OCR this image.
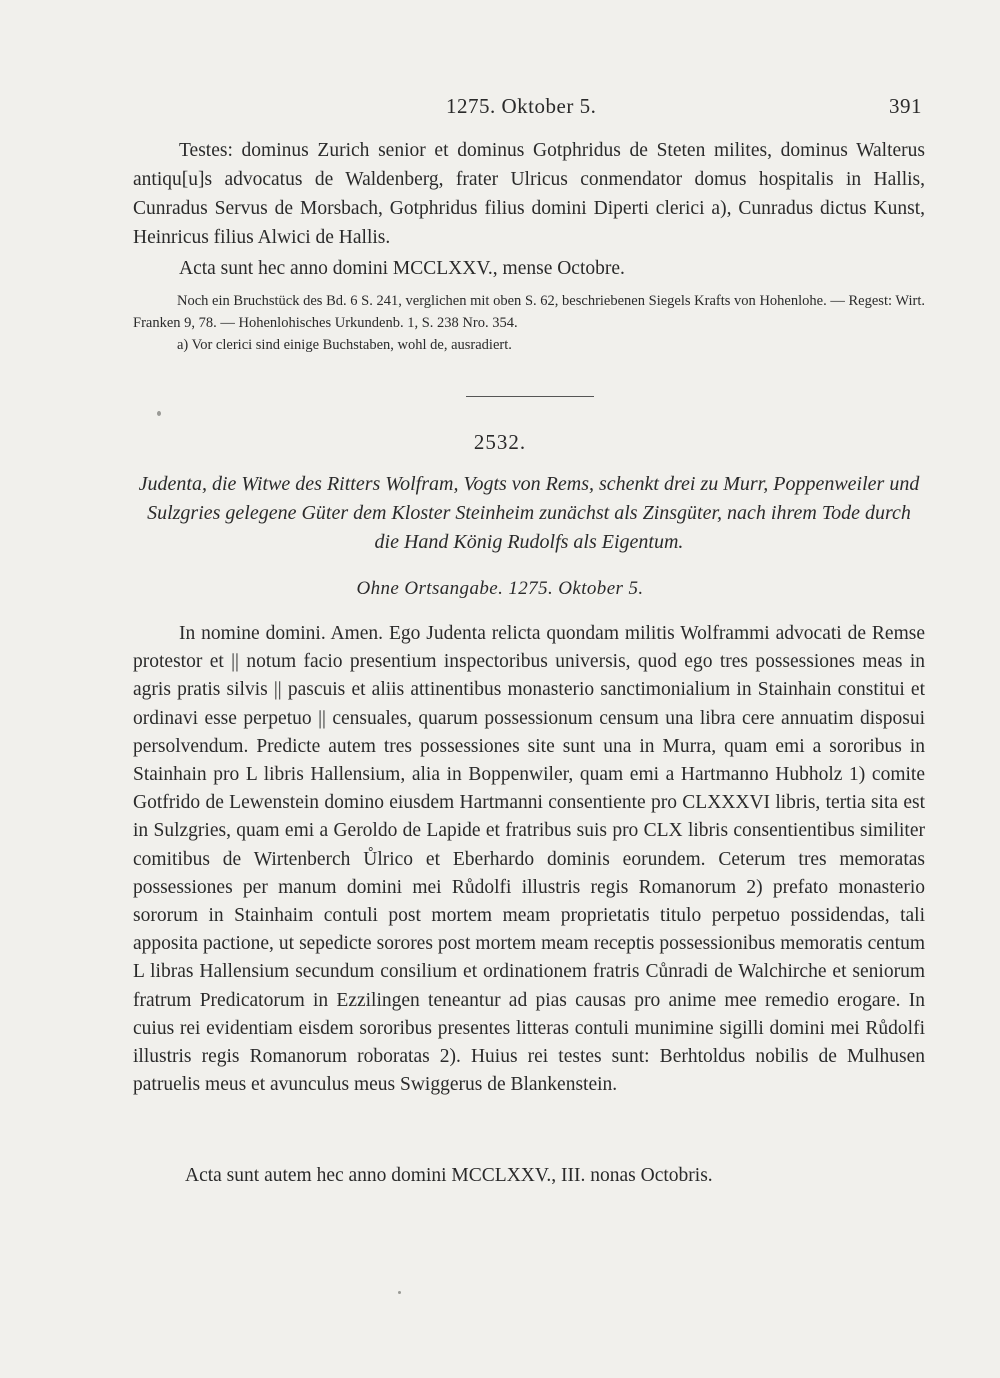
1275. Oktober 5.	391
Testes: dominus Zurich senior et dominus Gotphridus de Steten milites, dominus Walterus antiqu[u]s advocatus de Waldenberg, frater Ulricus conmendator domus hospitalis in Hallis, Cunradus Servus de Morsbach, Gotphridus filius domini Diperti clerici a), Cunradus dictus Kunst, Heinricus filius Alwici de Hallis.
Acta sunt hec anno domini MCCLXXV., mense Octobre.
Noch ein Bruchstück des Bd. 6 S. 241, verglichen mit oben S. 62, beschriebenen Siegels Krafts von Hohenlohe. — Regest: Wirt. Franken 9, 78. — Hohenlohisches Urkundenb. 1, S. 238 Nro. 354.
a) Vor clerici sind einige Buchstaben, wohl de, ausradiert.
2532.
Judenta, die Witwe des Ritters Wolfram, Vogts von Rems, schenkt drei zu Murr, Poppenweiler und Sulzgries gelegene Güter dem Kloster Steinheim zunächst als Zinsgüter, nach ihrem Tode durch die Hand König Rudolfs als Eigentum.
Ohne Ortsangabe. 1275. Oktober 5.
In nomine domini. Amen. Ego Judenta relicta quondam militis Wolframmi advocati de Remse protestor et || notum facio presentium inspectoribus universis, quod ego tres possessiones meas in agris pratis silvis || pascuis et aliis attinentibus monasterio sanctimonialium in Stainhain constitui et ordinavi esse perpetuo || censuales, quarum possessionum censum una libra cere annuatim disposui persolvendum. Predicte autem tres possessiones site sunt una in Murra, quam emi a sororibus in Stainhain pro L libris Hallensium, alia in Boppenwiler, quam emi a Hartmanno Hubholz 1) comite Gotfrido de Lewenstein domino eiusdem Hartmanni consentiente pro CLXXXVI libris, tertia sita est in Sulzgries, quam emi a Geroldo de Lapide et fratribus suis pro CLX libris consentientibus similiter comitibus de Wirtenberch Ůlrico et Eberhardo dominis eorundem. Ceterum tres memoratas possessiones per manum domini mei Růdolfi illustris regis Romanorum 2) prefato monasterio sororum in Stainhaim contuli post mortem meam proprietatis titulo perpetuo possidendas, tali apposita pactione, ut sepedicte sorores post mortem meam receptis possessionibus memoratis centum L libras Hallensium secundum consilium et ordinationem fratris Cůnradi de Walchirche et seniorum fratrum Predicatorum in Ezzilingen teneantur ad pias causas pro anime mee remedio erogare. In cuius rei evidentiam eisdem sororibus presentes litteras contuli munimine sigilli domini mei Růdolfi illustris regis Romanorum roboratas 2). Huius rei testes sunt: Berhtoldus nobilis de Mulhusen patruelis meus et avunculus meus Swiggerus de Blankenstein.
Acta sunt autem hec anno domini MCCLXXV., III. nonas Octobris.
